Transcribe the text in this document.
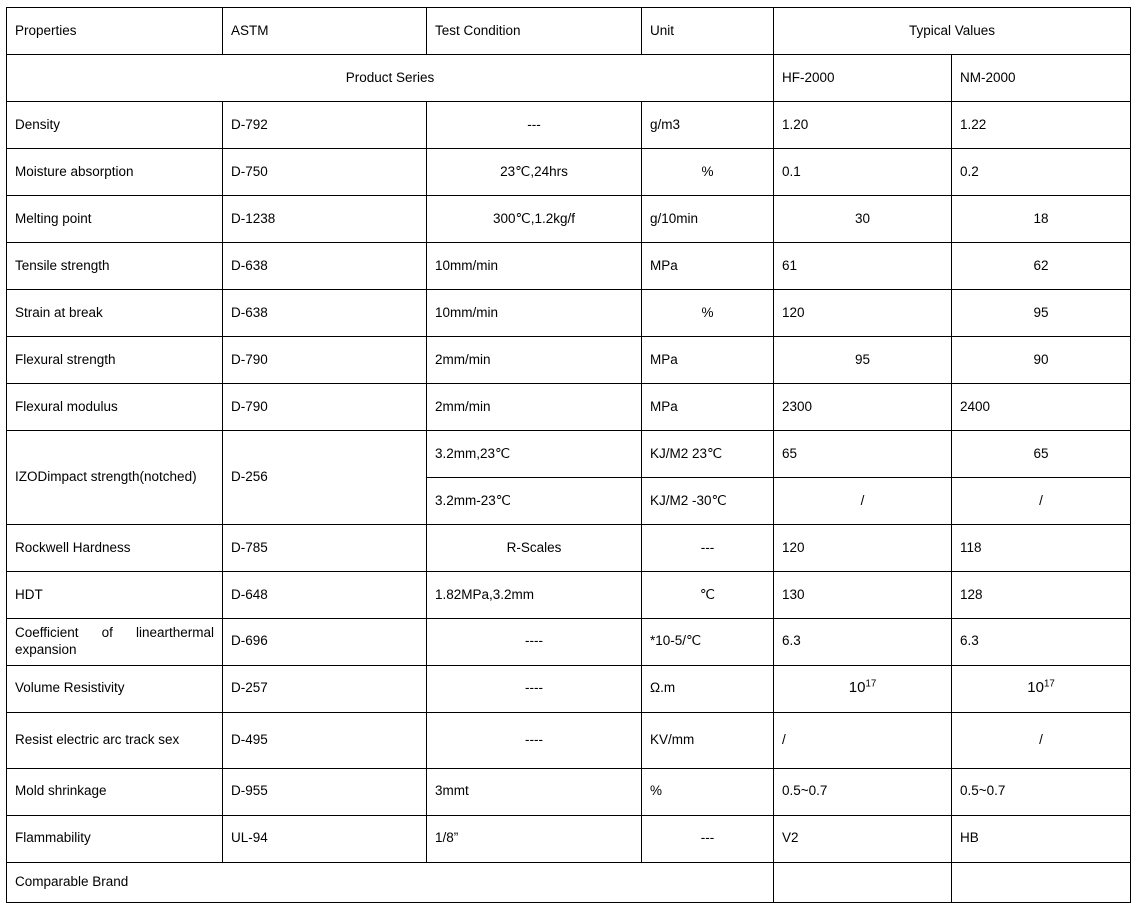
Properties	ASTM	Test Condition	Unit	Typical Values	
Product Series				HF-2000	NM-2000
Density	D-792	---	g/m3	1.20	1.22
Moisture absorption	D-750	23℃,24hrs	%	0.1	0.2
Melting point	D-1238	300℃,1.2kg/f	g/10min	30	18
Tensile strength	D-638	10mm/min	MPa	61	62
Strain at break	D-638	10mm/min	%	120	95
Flexural strength	D-790	2mm/min	MPa	95	90
Flexural modulus	D-790	2mm/min	MPa	2300	2400
IZODimpact strength(notched)	D-256	3.2mm,23℃	KJ/M2 23℃	65	65
		3.2mm-23℃	KJ/M2 -30℃	/	/
Rockwell Hardness	D-785	R-Scales	---	120	118
HDT	D-648	1.82MPa,3.2mm	℃	130	128
Coefficient of linearthermal expansion	D-696	----	*10-5/℃	6.3	6.3
Volume Resistivity	D-257	----	Ω.m	$10^{17}$	$10^{17}$
Resist electric arc track sex	D-495	----	KV/mm	/	/
Mold shrinkage	D-955	3mmt	%	0.5~0.7	0.5~0.7
Flammability	UL-94	1/8”	---	V2	HB
Comparable Brand					
